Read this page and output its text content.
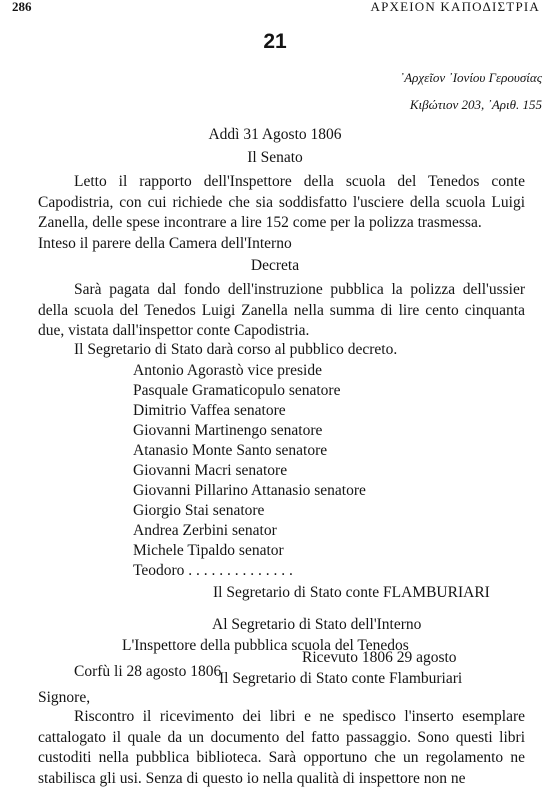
286	ΑΡΧΕΙΟΝ ΚΑΠΟΔΙΣΤΡΙΑ
21
᾿Αρχεῖον ᾿Ιονίου Γερουσίας
Κιβώτιον 203, ᾿Αριθ. 155
Addì 31 Agosto 1806
Il Senato

Letto il rapporto dell'Inspettore della scuola del Tenedos conte Capodistria, con cui richiede che sia soddisfatto l'usciere della scuola Luigi Zanella, delle spese incontrare a lire 152 come per la polizza trasmessa.
Inteso il parere della Camera dell'Interno

Decreta

Sarà pagata dal fondo dell'instruzione pubblica la polizza dell'ussier della scuola del Tenedos Luigi Zanella nella summa di lire cento cinquanta due, vistata dall'inspettor conte Capodistria.

Il Segretario di Stato darà corso al pubblico decreto.
Antonio Agorastò vice preside
Pasquale Gramaticopulo senatore
Dimitrio Vaffea senatore
Giovanni Martinengo senatore
Atanasio Monte Santo senatore
Giovanni Macri senatore
Giovanni Pillarino Attanasio senatore
Giorgio Stai senatore
Andrea Zerbini senator
Michele Tipaldo senator
Teodoro . . . . . . . . . . . . . .
Il Segretario di Stato conte FLAMBURIARI
Al Segretario di Stato dell'Interno
L'Inspettore della pubblica scuola del Tenedos
Corfù li 28 agosto 1806
Ricevuto 1806 29 agosto
Il Segretario di Stato conte Flamburiari
Signore,

Riscontro il ricevimento dei libri e ne spedisco l'inserto esemplare cattalogato il quale da un documento del fatto passaggio. Sono questi libri custoditi nella pubblica biblioteca. Sarà opportuno che un regolamento ne stabilisca gli usi. Senza di questo io nella qualità di inspettore non ne
